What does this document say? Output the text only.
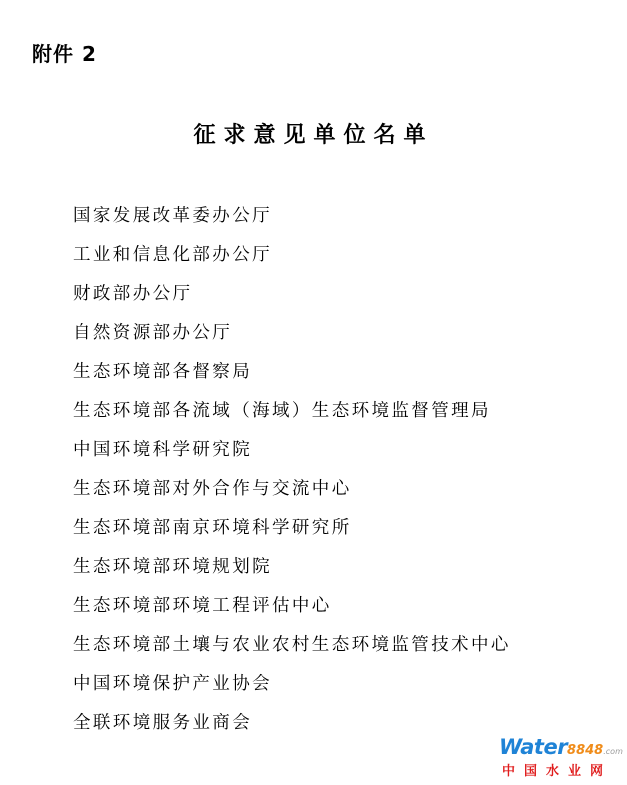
附件 2
征求意见单位名单
国家发展改革委办公厅
工业和信息化部办公厅
财政部办公厅
自然资源部办公厅
生态环境部各督察局
生态环境部各流域（海域）生态环境监督管理局
中国环境科学研究院
生态环境部对外合作与交流中心
生态环境部南京环境科学研究所
生态环境部环境规划院
生态环境部环境工程评估中心
生态环境部土壤与农业农村生态环境监管技术中心
中国环境保护产业协会
全联环境服务业商会
Water8848.com
中国水业网
